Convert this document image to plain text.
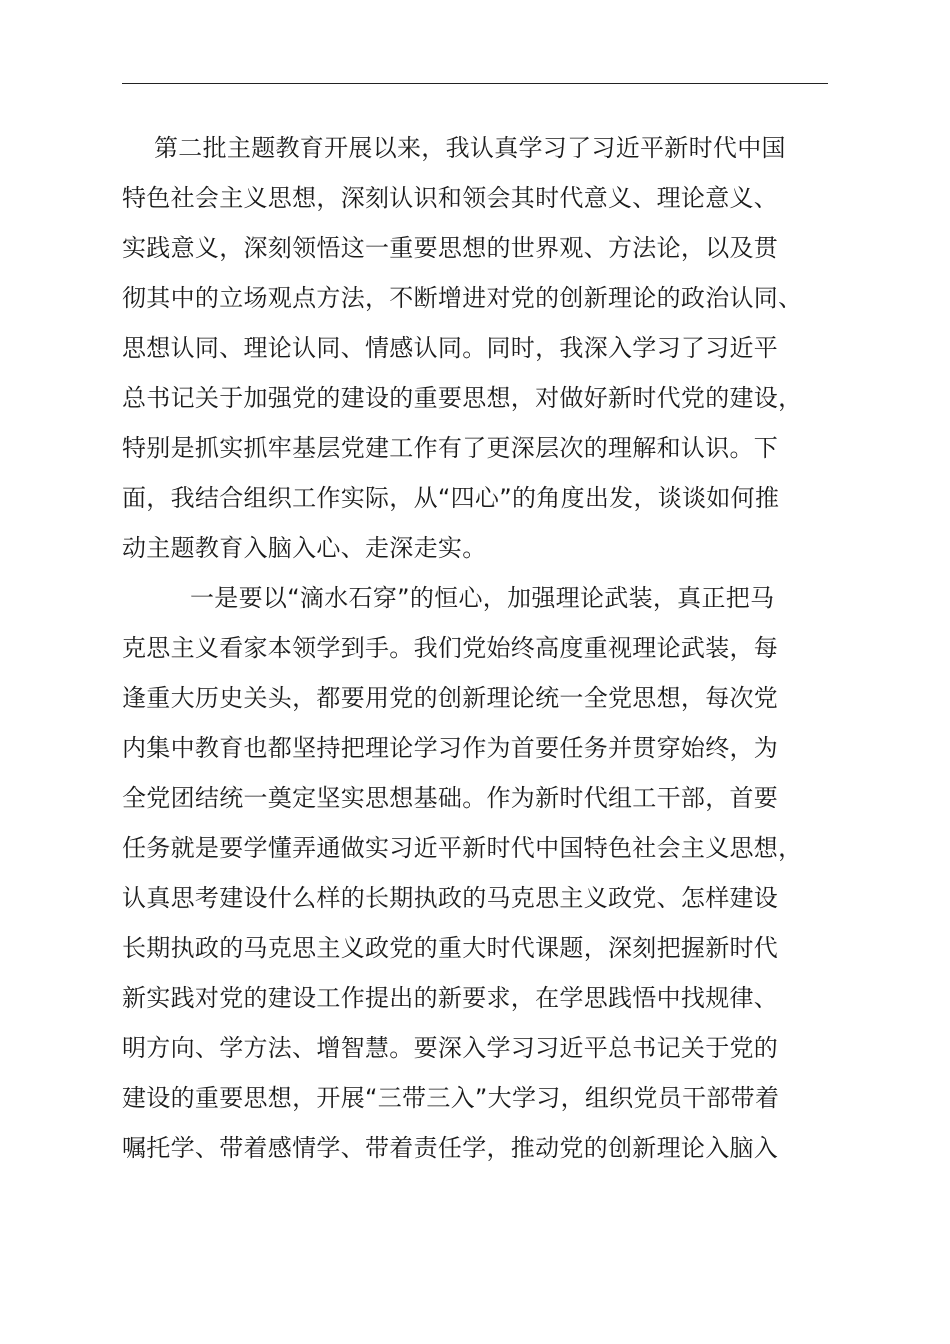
第二批主题教育开展以来，我认真学习了习近平新时代中国
特色社会主义思想，深刻认识和领会其时代意义、理论意义、
实践意义，深刻领悟这一重要思想的世界观、方法论，以及贯
彻其中的立场观点方法，不断增进对党的创新理论的政治认同、
思想认同、理论认同、情感认同。同时，我深入学习了习近平
总书记关于加强党的建设的重要思想，对做好新时代党的建设，
特别是抓实抓牢基层党建工作有了更深层次的理解和认识。下
面，我结合组织工作实际，从“四心”的角度出发，谈谈如何推
动主题教育入脑入心、走深走实。
一是要以“滴水石穿”的恒心，加强理论武装，真正把马
克思主义看家本领学到手。我们党始终高度重视理论武装，每
逢重大历史关头，都要用党的创新理论统一全党思想，每次党
内集中教育也都坚持把理论学习作为首要任务并贯穿始终，为
全党团结统一奠定坚实思想基础。作为新时代组工干部，首要
任务就是要学懂弄通做实习近平新时代中国特色社会主义思想，
认真思考建设什么样的长期执政的马克思主义政党、怎样建设
长期执政的马克思主义政党的重大时代课题，深刻把握新时代
新实践对党的建设工作提出的新要求，在学思践悟中找规律、
明方向、学方法、增智慧。要深入学习习近平总书记关于党的
建设的重要思想，开展“三带三入”大学习，组织党员干部带着
嘱托学、带着感情学、带着责任学，推动党的创新理论入脑入
